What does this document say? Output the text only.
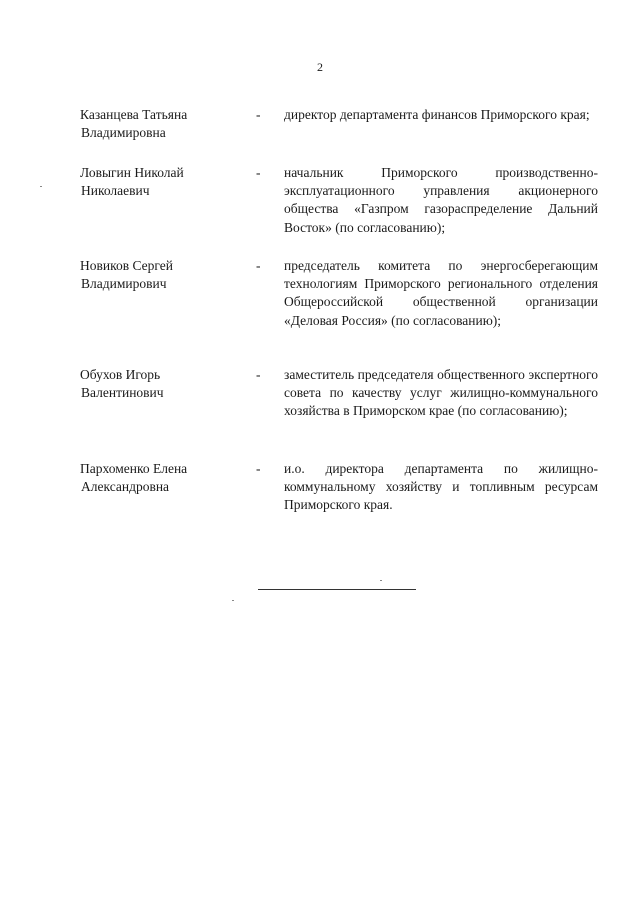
2
Казанцева Татьяна
Владимировна
- директор департамента финансов Приморского края;
Ловыгин Николай
Николаевич
- начальник Приморского производственно-эксплуатационного управления акционерного общества «Газпром газораспределение Дальний Восток» (по согласованию);
Новиков Сергей
Владимирович
- председатель комитета по энергосберегающим технологиям Приморского регионального отделения Общероссийской общественной организации «Деловая Россия» (по согласованию);
Обухов Игорь
Валентинович
- заместитель председателя общественного экспертного совета по качеству услуг жилищно-коммунального хозяйства в Приморском крае (по согласованию);
Пархоменко Елена
Александровна
- и.о. директора департамента по жилищно-коммунальному хозяйству и топливным ресурсам Приморского края.
